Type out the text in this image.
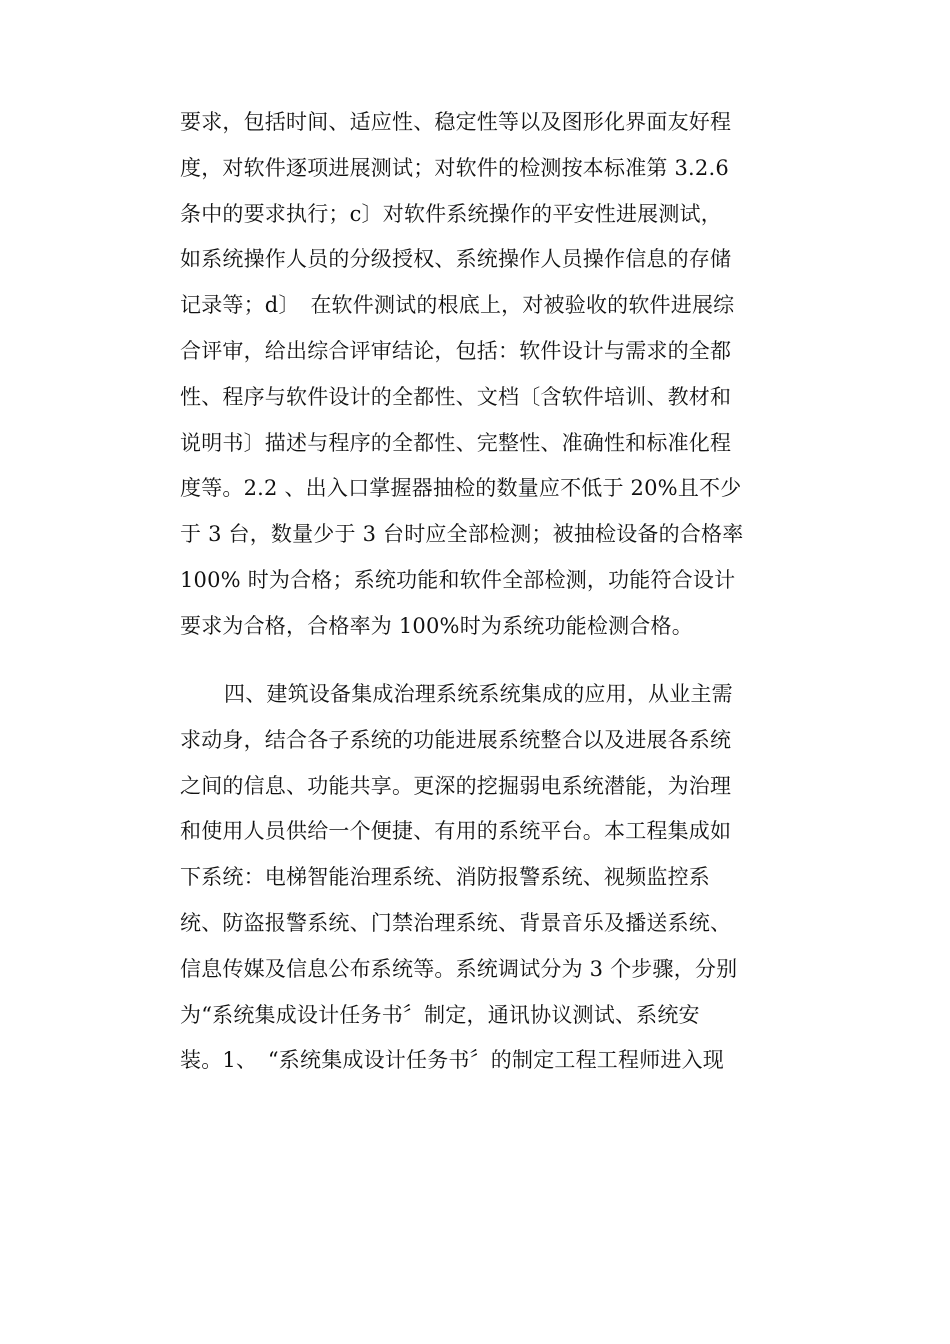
要求，包括时间、适应性、稳定性等以及图形化界面友好程
度，对软件逐项进展测试；对软件的检测按本标准第 3.2.6
条中的要求执行；c〕对软件系统操作的平安性进展测试，
如系统操作人员的分级授权、系统操作人员操作信息的存储
记录等；d〕　在软件测试的根底上，对被验收的软件进展综
合评审，给出综合评审结论，包括：软件设计与需求的全都
性、程序与软件设计的全都性、文档〔含软件培训、教材和
说明书〕描述与程序的全都性、完整性、准确性和标准化程
度等。2.2 、出入口掌握器抽检的数量应不低于 20%且不少
于 3 台，数量少于 3 台时应全部检测；被抽检设备的合格率
100% 时为合格；系统功能和软件全部检测，功能符合设计
要求为合格，合格率为 100%时为系统功能检测合格。
四、建筑设备集成治理系统系统集成的应用，从业主需
求动身，结合各子系统的功能进展系统整合以及进展各系统
之间的信息、功能共享。更深的挖掘弱电系统潜能，为治理
和使用人员供给一个便捷、有用的系统平台。本工程集成如
下系统：电梯智能治理系统、消防报警系统、视频监控系
统、防盗报警系统、门禁治理系统、背景音乐及播送系统、
信息传媒及信息公布系统等。系统调试分为 3 个步骤，分别
为“系统集成设计任务书〞制定，通讯协议测试、系统安
装。1、　“系统集成设计任务书〞的制定工程工程师进入现
